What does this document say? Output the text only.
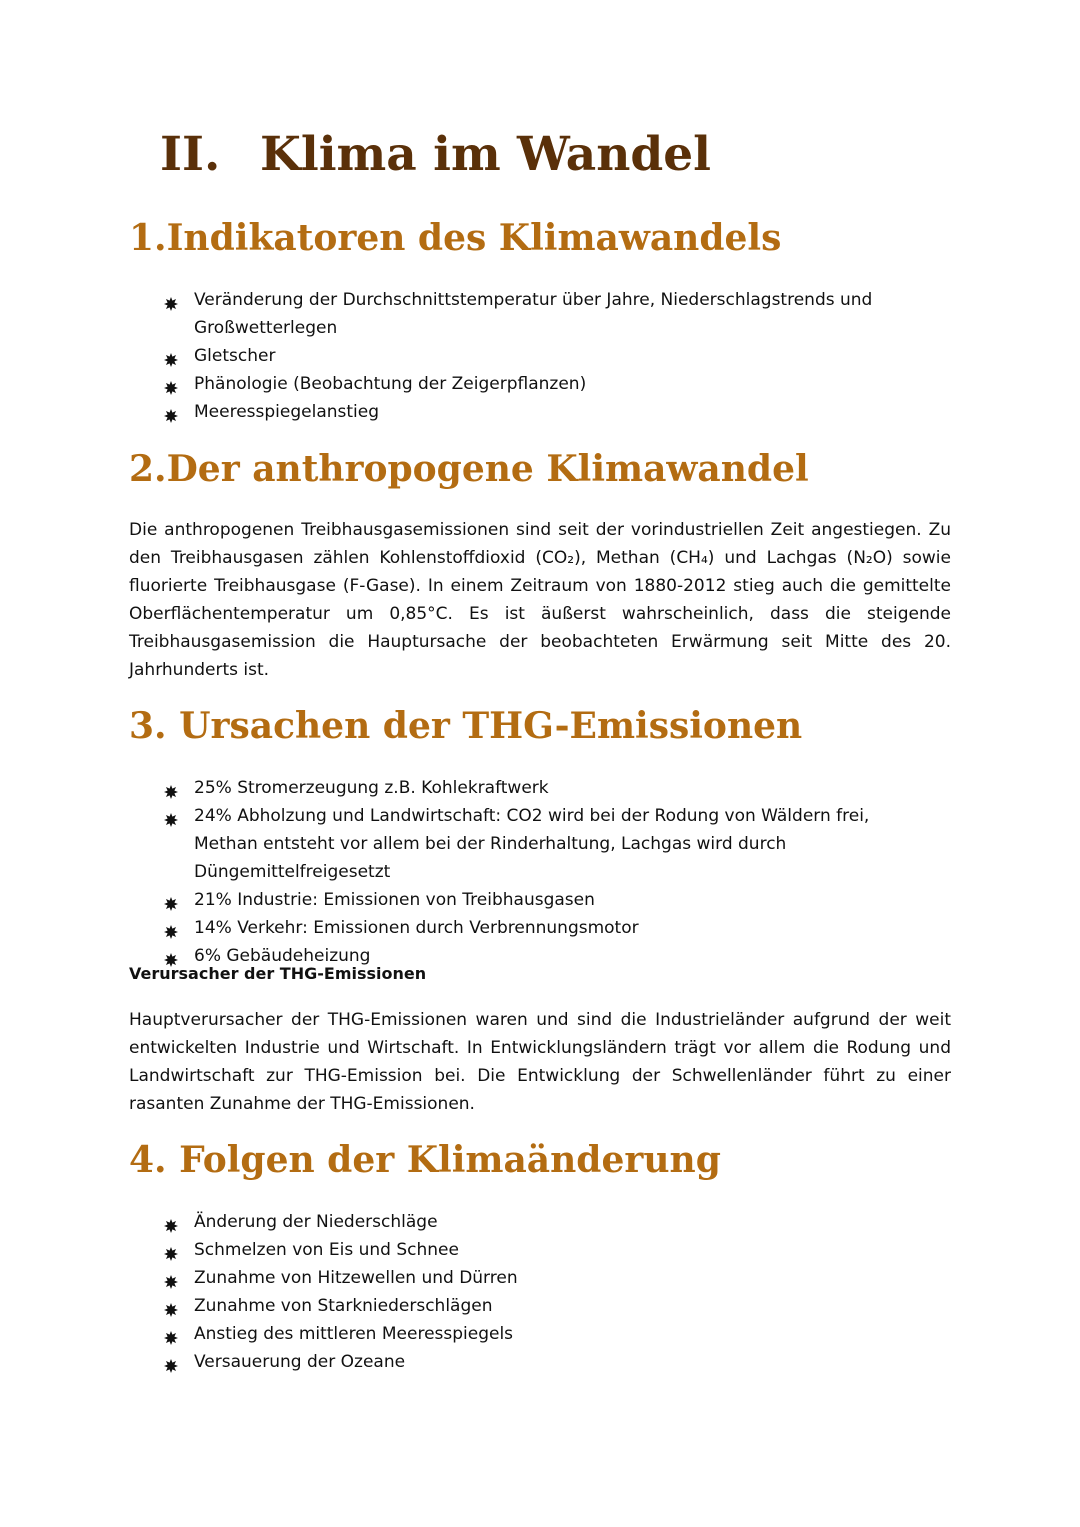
II. Klima im Wandel
1.Indikatoren des Klimawandels
Veränderung der Durchschnittstemperatur über Jahre, Niederschlagstrends und Großwetterlegen
Gletscher
Phänologie (Beobachtung der Zeigerpflanzen)
Meeresspiegelanstieg
2.Der anthropogene Klimawandel

Die anthropogenen Treibhausgasemissionen sind seit der vorindustriellen Zeit angestiegen. Zu den Treibhausgasen zählen Kohlenstoffdioxid (CO₂), Methan (CH₄) und Lachgas (N₂O) sowie fluorierte Treibhausgase (F-Gase). In einem Zeitraum von 1880-2012 stieg auch die gemittelte Oberflächentemperatur um 0,85°C. Es ist äußerst wahrscheinlich, dass die steigende Treibhausgasemission die Hauptursache der beobachteten Erwärmung seit Mitte des 20. Jahrhunderts ist.

3. Ursachen der THG-Emissionen
25% Stromerzeugung z.B. Kohlekraftwerk
24% Abholzung und Landwirtschaft: CO2 wird bei der Rodung von Wäldern frei, Methan entsteht vor allem bei der Rinderhaltung, Lachgas wird durch Düngemittelfreigesetzt
21% Industrie: Emissionen von Treibhausgasen
14% Verkehr: Emissionen durch Verbrennungsmotor
6% Gebäudeheizung

Verursacher der THG-Emissionen

Hauptverursacher der THG-Emissionen waren und sind die Industrieländer aufgrund der weit entwickelten Industrie und Wirtschaft. In Entwicklungsländern trägt vor allem die Rodung und Landwirtschaft zur THG-Emission bei. Die Entwicklung der Schwellenländer führt zu einer rasanten Zunahme der THG-Emissionen.

4. Folgen der Klimaänderung
Änderung der Niederschläge
Schmelzen von Eis und Schnee
Zunahme von Hitzewellen und Dürren
Zunahme von Starkniederschlägen
Anstieg des mittleren Meeresspiegels
Versauerung der Ozeane
